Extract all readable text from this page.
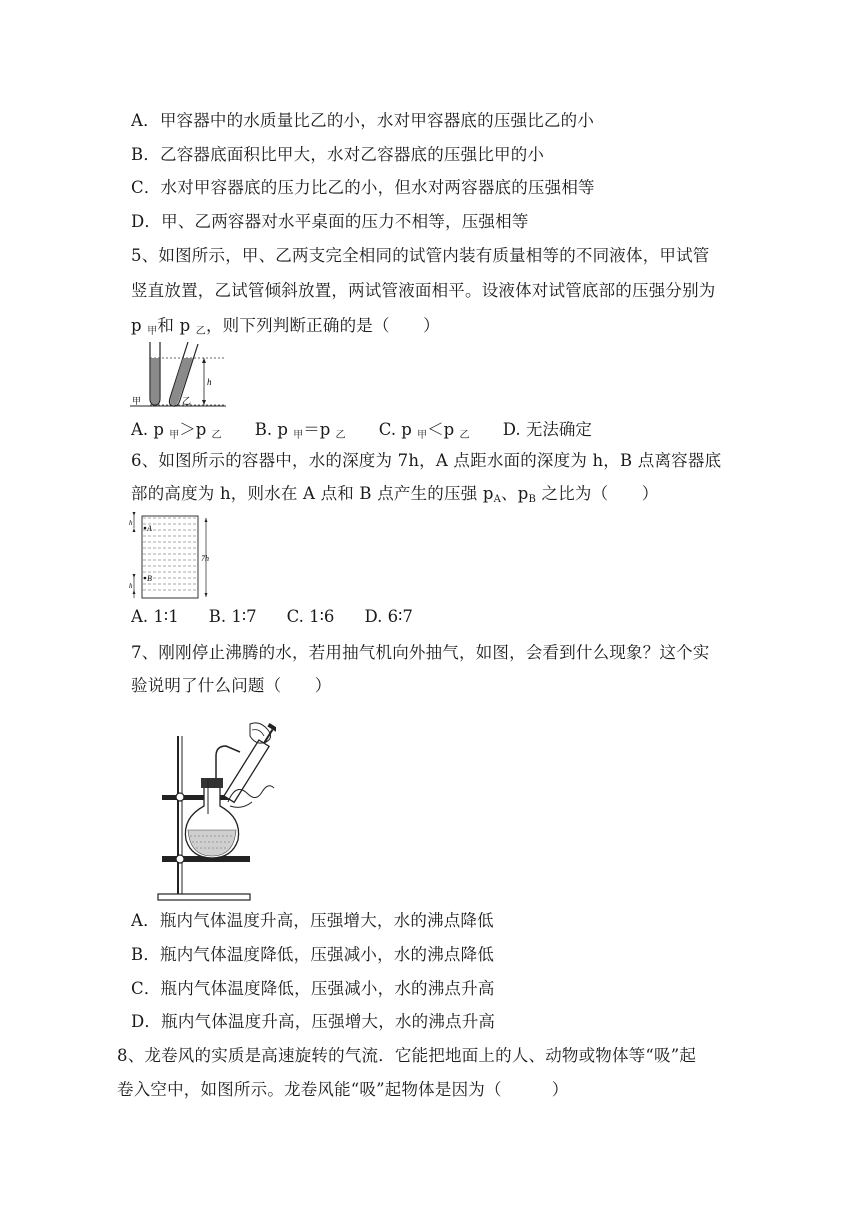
A．甲容器中的水质量比乙的小，水对甲容器底的压强比乙的小
B．乙容器底面积比甲大，水对乙容器底的压强比甲的小
C．水对甲容器底的压力比乙的小，但水对两容器底的压强相等
D．甲、乙两容器对水平桌面的压力不相等，压强相等
5、如图所示，甲、乙两支完全相同的试管内装有质量相等的不同液体，甲试管
竖直放置，乙试管倾斜放置，两试管液面相平。设液体对试管底部的压强分别为
p $_甲$和 p $_乙$，则下列判断正确的是（　　）
h
甲	乙
A. p $_甲$＞p $_乙$ B. p $_甲$＝p $_乙$ C. p $_甲$＜p $_乙$ D. 无法确定
6、如图所示的容器中，水的深度为 7h，A 点距水面的深度为 h，B 点离容器底
部的高度为 h，则水在 A 点和 B 点产生的压强 $p_A$、$p_B$ 之比为（　　）
A
B
h
h
7h
A. 1∶1 B. 1∶7 C. 1∶6 D. 6∶7
7、刚刚停止沸腾的水，若用抽气机向外抽气，如图，会看到什么现象？这个实
验说明了什么问题（　　）
A．瓶内气体温度升高，压强增大，水的沸点降低
B．瓶内气体温度降低，压强减小，水的沸点降低
C．瓶内气体温度降低，压强减小，水的沸点升高
D．瓶内气体温度升高，压强增大，水的沸点升高
8、龙卷风的实质是高速旋转的气流．它能把地面上的人、动物或物体等“吸”起
卷入空中，如图所示。龙卷风能“吸”起物体是因为（　　　）
